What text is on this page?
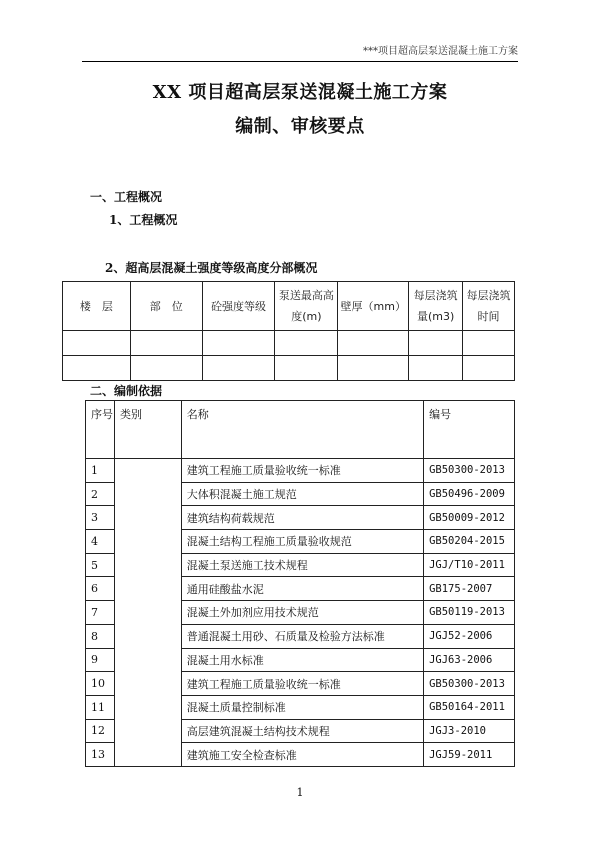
***项目超高层泵送混凝土施工方案
XX 项目超高层泵送混凝土施工方案
编制、审核要点
一、工程概况
1、工程概况
2、超高层混凝土强度等级高度分部概况
楼　层	部　位	砼强度等级	泵送最高高度(m)	壁厚（mm）	每层浇筑量(m3)	每层浇筑时间

二、编制依据
序号	类别	名称	编号
1		建筑工程施工质量验收统一标准	GB50300-2013
2		大体积混凝土施工规范	GB50496-2009
3		建筑结构荷载规范	GB50009-2012
4		混凝土结构工程施工质量验收规范	GB50204-2015
5		混凝土泵送施工技术规程	JGJ/T10-2011
6		通用硅酸盐水泥	GB175-2007
7		混凝土外加剂应用技术规范	GB50119-2013
8		普通混凝土用砂、石质量及检验方法标准	JGJ52-2006
9		混凝土用水标准	JGJ63-2006
10		建筑工程施工质量验收统一标准	GB50300-2013
11		混凝土质量控制标准	GB50164-2011
12		高层建筑混凝土结构技术规程	JGJ3-2010
13		建筑施工安全检查标准	JGJ59-2011
1
